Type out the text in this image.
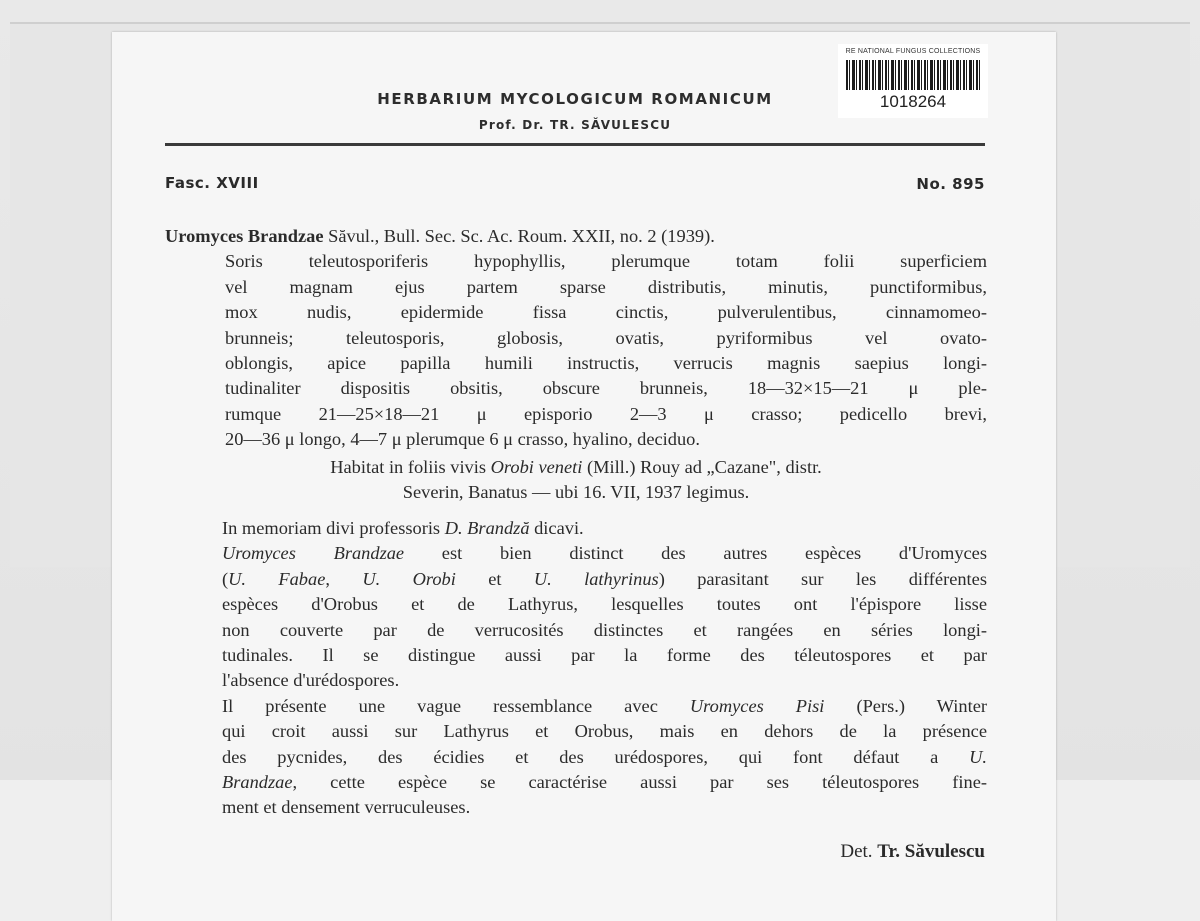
RE NATIONAL FUNGUS COLLECTIONS
1018264
HERBARIUM MYCOLOGICUM ROMANICUM
Prof. Dr. TR. SĂVULESCU
Fasc. XVIII	No. 895
Uromyces Brandzae Săvul., Bull. Sec. Sc. Ac. Roum. XXII, no. 2 (1939).
Soris teleutosporiferis hypophyllis, plerumque totam folii superficiem
vel magnam ejus partem sparse distributis, minutis, punctiformibus,
mox nudis, epidermide fissa cinctis, pulverulentibus, cinnamomeo-
brunneis; teleutosporis, globosis, ovatis, pyriformibus vel ovato-
oblongis, apice papilla humili instructis, verrucis magnis saepius longi-
tudinaliter dispositis obsitis, obscure brunneis, 18—32×15—21 μ ple-
rumque 21—25×18—21 μ episporio 2—3 μ crasso; pedicello brevi,
20—36 μ longo, 4—7 μ plerumque 6 μ crasso, hyalino, deciduo.
Habitat in foliis vivis Orobi veneti (Mill.) Rouy ad „Cazane", distr.
Severin, Banatus — ubi 16. VII, 1937 legimus.
In memoriam divi professoris D. Brandză dicavi.
Uromyces Brandzae est bien distinct des autres espèces d'Uromyces
(U. Fabae, U. Orobi et U. lathyrinus) parasitant sur les différentes
espèces d'Orobus et de Lathyrus, lesquelles toutes ont l'épispore lisse
non couverte par de verrucosités distinctes et rangées en séries longi-
tudinales. Il se distingue aussi par la forme des téleutospores et par
l'absence d'urédospores.
Il présente une vague ressemblance avec Uromyces Pisi (Pers.) Winter
qui croit aussi sur Lathyrus et Orobus, mais en dehors de la présence
des pycnides, des écidies et des urédospores, qui font défaut a U.
Brandzae, cette espèce se caractérise aussi par ses téleutospores fine-
ment et densement verruculeuses.
Det. Tr. Săvulescu
